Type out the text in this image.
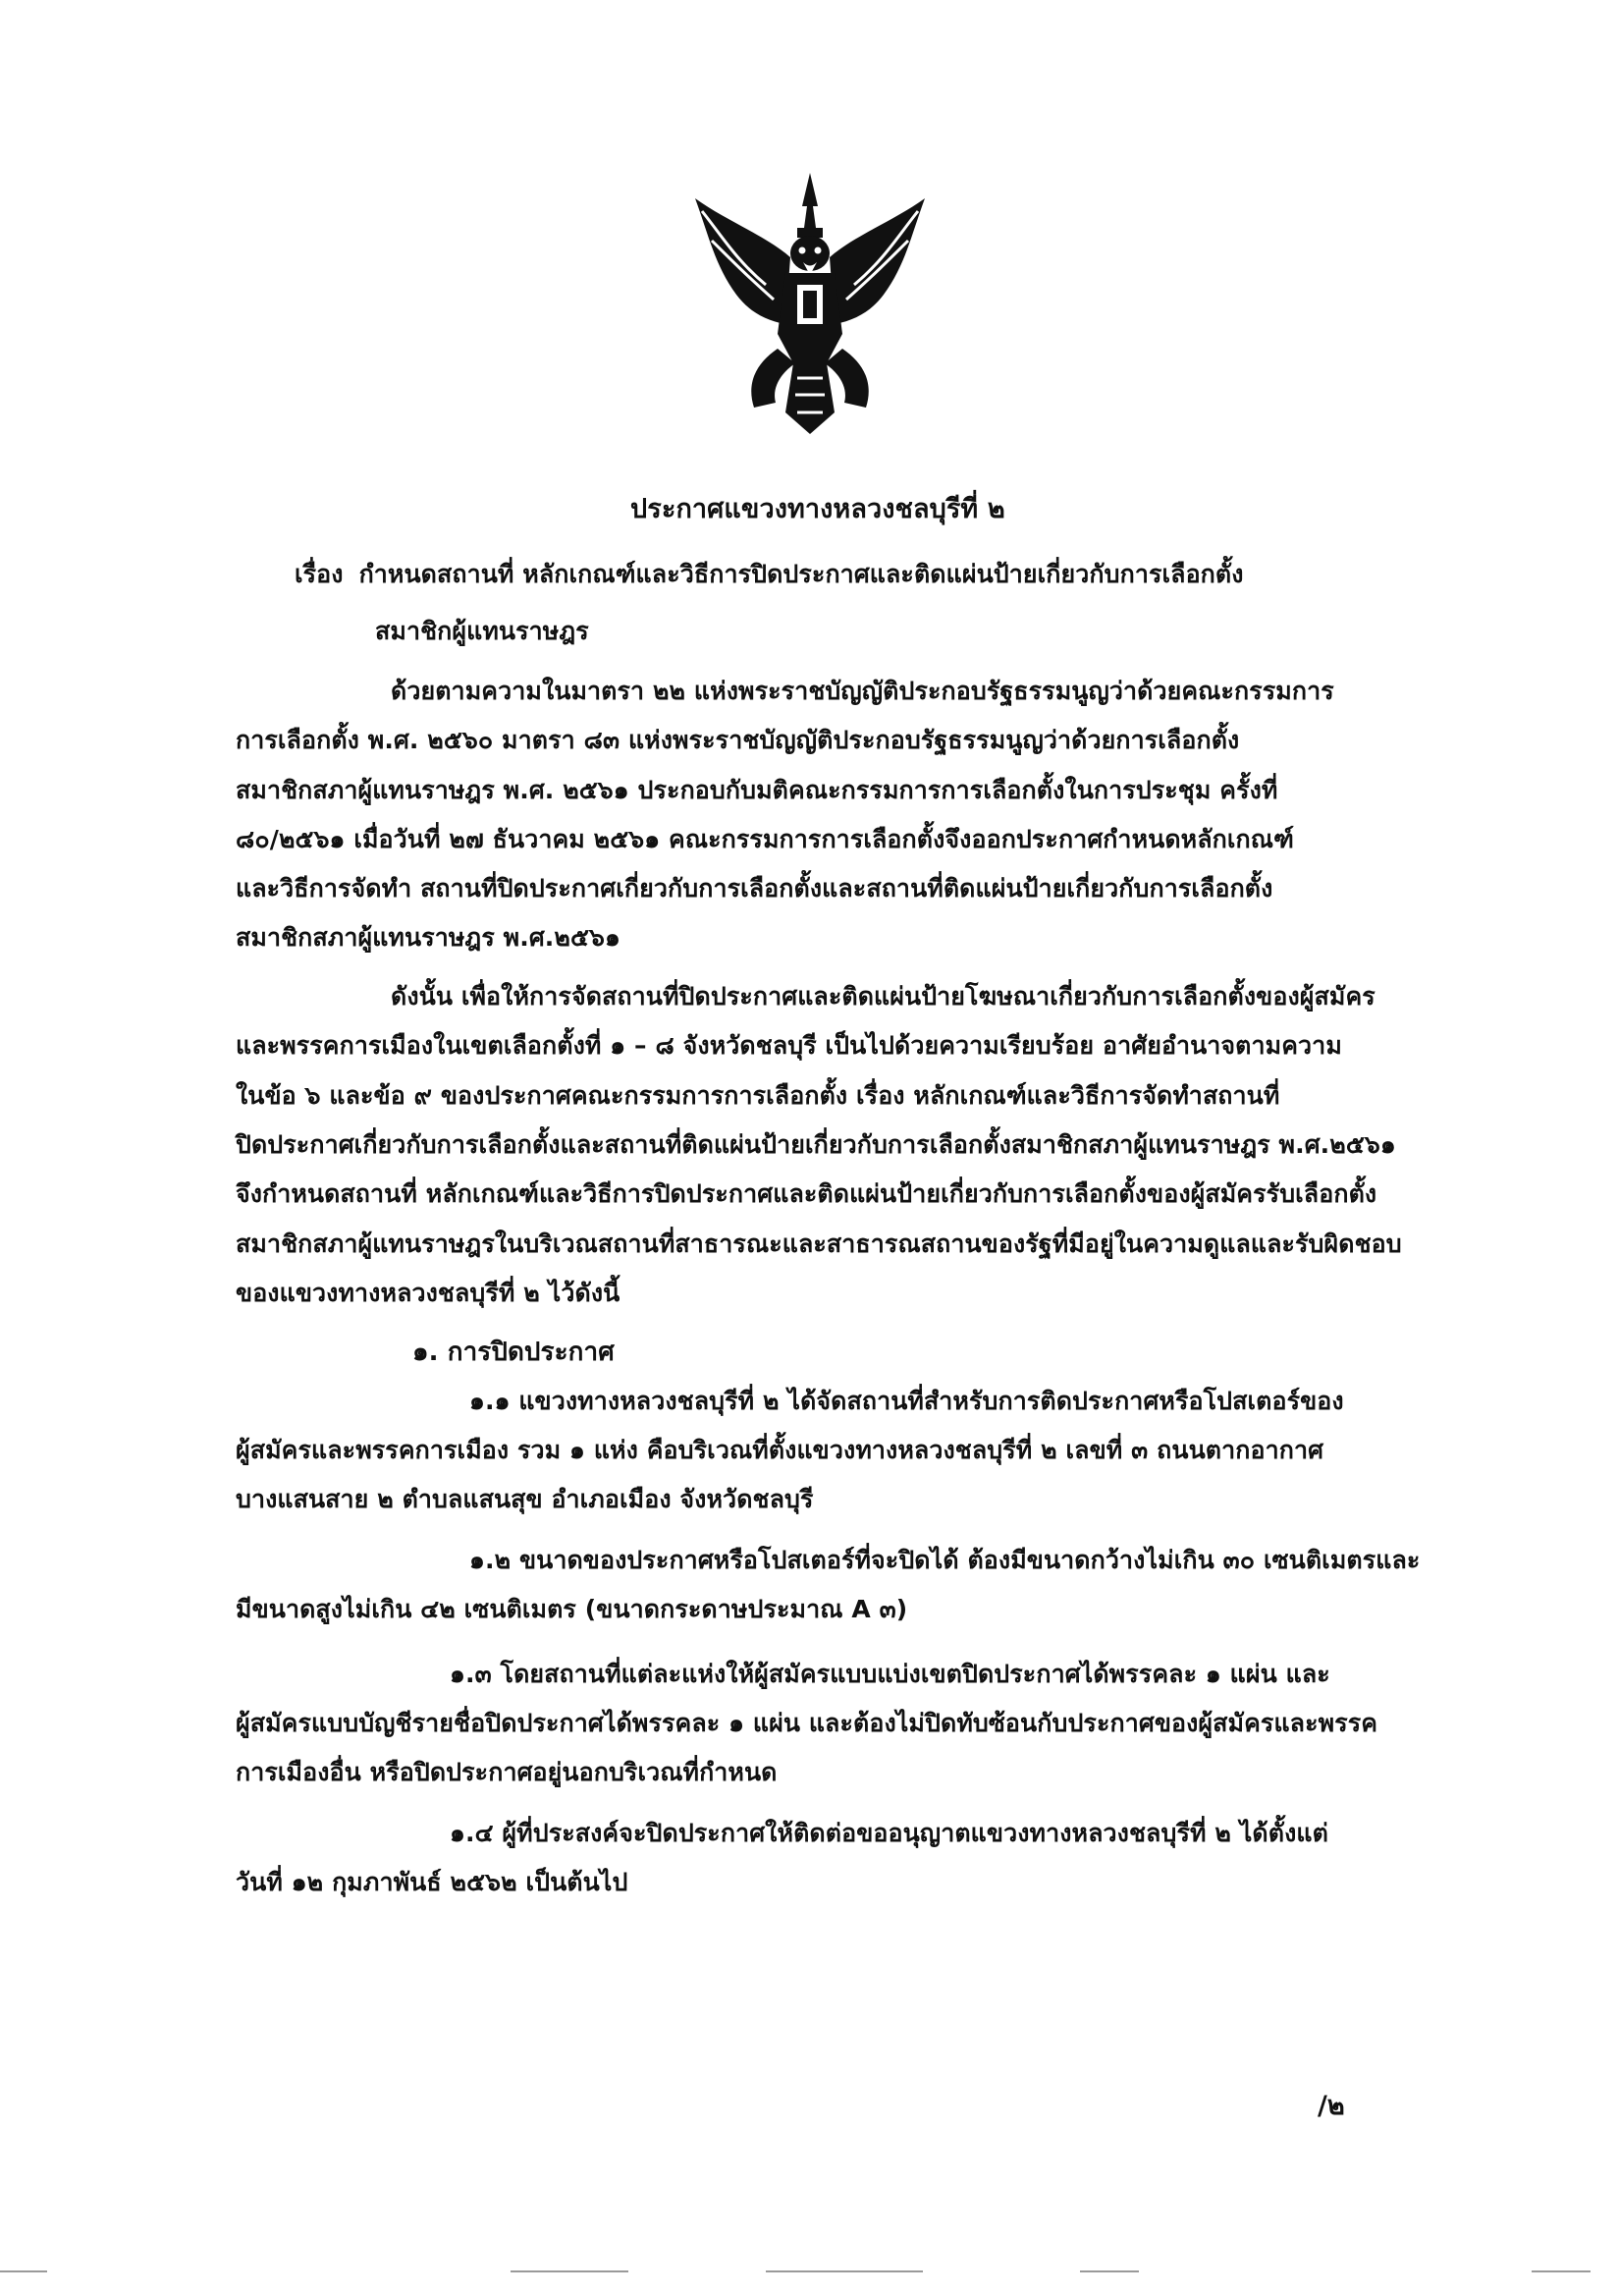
ประกาศแขวงทางหลวงชลบุรีที่ ๒
เรื่อง กำหนดสถานที่ หลักเกณฑ์และวิธีการปิดประกาศและติดแผ่นป้ายเกี่ยวกับการเลือกตั้ง
สมาชิกผู้แทนราษฎร
ด้วยตามความในมาตรา ๒๒ แห่งพระราชบัญญัติประกอบรัฐธรรมนูญว่าด้วยคณะกรรมการ
การเลือกตั้ง พ.ศ. ๒๕๖๐ มาตรา ๘๓ แห่งพระราชบัญญัติประกอบรัฐธรรมนูญว่าด้วยการเลือกตั้ง
สมาชิกสภาผู้แทนราษฎร พ.ศ. ๒๕๖๑ ประกอบกับมติคณะกรรมการการเลือกตั้งในการประชุม ครั้งที่
๘๐/๒๕๖๑ เมื่อวันที่ ๒๗ ธันวาคม ๒๕๖๑ คณะกรรมการการเลือกตั้งจึงออกประกาศกำหนดหลักเกณฑ์
และวิธีการจัดทำ สถานที่ปิดประกาศเกี่ยวกับการเลือกตั้งและสถานที่ติดแผ่นป้ายเกี่ยวกับการเลือกตั้ง
สมาชิกสภาผู้แทนราษฎร พ.ศ.๒๕๖๑
ดังนั้น เพื่อให้การจัดสถานที่ปิดประกาศและติดแผ่นป้ายโฆษณาเกี่ยวกับการเลือกตั้งของผู้สมัคร
และพรรคการเมืองในเขตเลือกตั้งที่ ๑ – ๘ จังหวัดชลบุรี เป็นไปด้วยความเรียบร้อย อาศัยอำนาจตามความ
ในข้อ ๖ และข้อ ๙ ของประกาศคณะกรรมการการเลือกตั้ง เรื่อง หลักเกณฑ์และวิธีการจัดทำสถานที่
ปิดประกาศเกี่ยวกับการเลือกตั้งและสถานที่ติดแผ่นป้ายเกี่ยวกับการเลือกตั้งสมาชิกสภาผู้แทนราษฎร พ.ศ.๒๕๖๑
จึงกำหนดสถานที่ หลักเกณฑ์และวิธีการปิดประกาศและติดแผ่นป้ายเกี่ยวกับการเลือกตั้งของผู้สมัครรับเลือกตั้ง
สมาชิกสภาผู้แทนราษฎรในบริเวณสถานที่สาธารณะและสาธารณสถานของรัฐที่มีอยู่ในความดูแลและรับผิดชอบ
ของแขวงทางหลวงชลบุรีที่ ๒ ไว้ดังนี้
๑. การปิดประกาศ
๑.๑ แขวงทางหลวงชลบุรีที่ ๒ ได้จัดสถานที่สำหรับการติดประกาศหรือโปสเตอร์ของ
ผู้สมัครและพรรคการเมือง รวม ๑ แห่ง คือบริเวณที่ตั้งแขวงทางหลวงชลบุรีที่ ๒ เลขที่ ๓ ถนนตากอากาศ
บางแสนสาย ๒ ตำบลแสนสุข อำเภอเมือง จังหวัดชลบุรี
๑.๒ ขนาดของประกาศหรือโปสเตอร์ที่จะปิดได้ ต้องมีขนาดกว้างไม่เกิน ๓๐ เซนติเมตรและ
มีขนาดสูงไม่เกิน ๔๒ เซนติเมตร (ขนาดกระดาษประมาณ A ๓)
๑.๓ โดยสถานที่แต่ละแห่งให้ผู้สมัครแบบแบ่งเขตปิดประกาศได้พรรคละ ๑ แผ่น และ
ผู้สมัครแบบบัญชีรายชื่อปิดประกาศได้พรรคละ ๑ แผ่น และต้องไม่ปิดทับซ้อนกับประกาศของผู้สมัครและพรรค
การเมืองอื่น หรือปิดประกาศอยู่นอกบริเวณที่กำหนด
๑.๔ ผู้ที่ประสงค์จะปิดประกาศให้ติดต่อขออนุญาตแขวงทางหลวงชลบุรีที่ ๒ ได้ตั้งแต่
วันที่ ๑๒ กุมภาพันธ์ ๒๕๖๒ เป็นต้นไป
/๒
